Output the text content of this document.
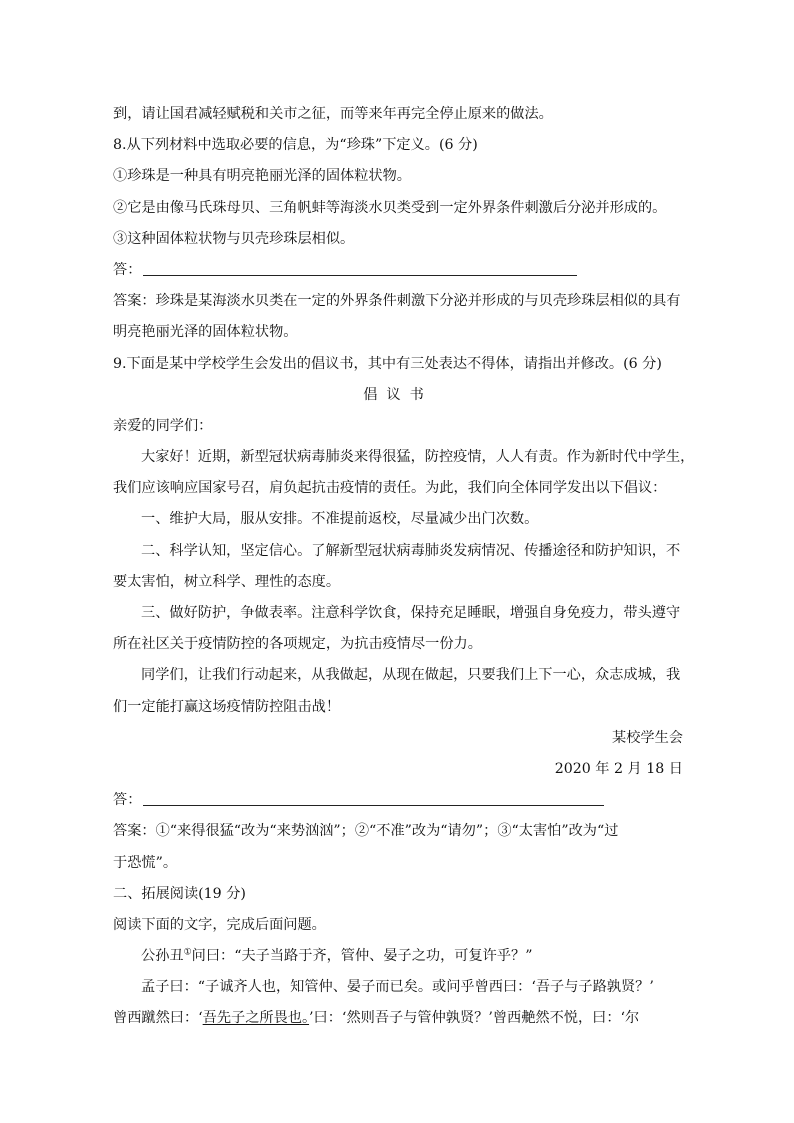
到，请让国君减轻赋税和关市之征，而等来年再完全停止原来的做法。
8.从下列材料中选取必要的信息，为“珍珠”下定义。(6 分)
①珍珠是一种具有明亮艳丽光泽的固体粒状物。
②它是由像马氏珠母贝、三角帆蚌等海淡水贝类受到一定外界条件刺激后分泌并形成的。
③这种固体粒状物与贝壳珍珠层相似。
答：
答案：珍珠是某海淡水贝类在一定的外界条件刺激下分泌并形成的与贝壳珍珠层相似的具有
明亮艳丽光泽的固体粒状物。
9.下面是某中学校学生会发出的倡议书，其中有三处表达不得体，请指出并修改。(6 分)
倡议书
亲爱的同学们：
大家好！近期，新型冠状病毒肺炎来得很猛，防控疫情，人人有责。作为新时代中学生，
我们应该响应国家号召，肩负起抗击疫情的责任。为此，我们向全体同学发出以下倡议：
一、维护大局，服从安排。不准提前返校，尽量减少出门次数。
二、科学认知，坚定信心。了解新型冠状病毒肺炎发病情况、传播途径和防护知识，不
要太害怕，树立科学、理性的态度。
三、做好防护，争做表率。注意科学饮食，保持充足睡眠，增强自身免疫力，带头遵守
所在社区关于疫情防控的各项规定，为抗击疫情尽一份力。
同学们，让我们行动起来，从我做起，从现在做起，只要我们上下一心，众志成城，我
们一定能打赢这场疫情防控阻击战！
某校学生会
2020 年 2 月 18 日
答：
答案：①“来得很猛“改为“来势汹汹”；②“不准”改为“请勿”；③“太害怕”改为“过
于恐慌”。
二、拓展阅读(19 分)
阅读下面的文字，完成后面问题。
公孙丑①问曰：“夫子当路于齐，管仲、晏子之功，可复许乎？”
孟子曰：“子诚齐人也，知管仲、晏子而已矣。或问乎曾西曰：‘吾子与子路孰贤？’
曾西蹴然曰：‘吾先子之所畏也。’曰：‘然则吾子与管仲孰贤？’曾西艴然不悦，曰：‘尔
